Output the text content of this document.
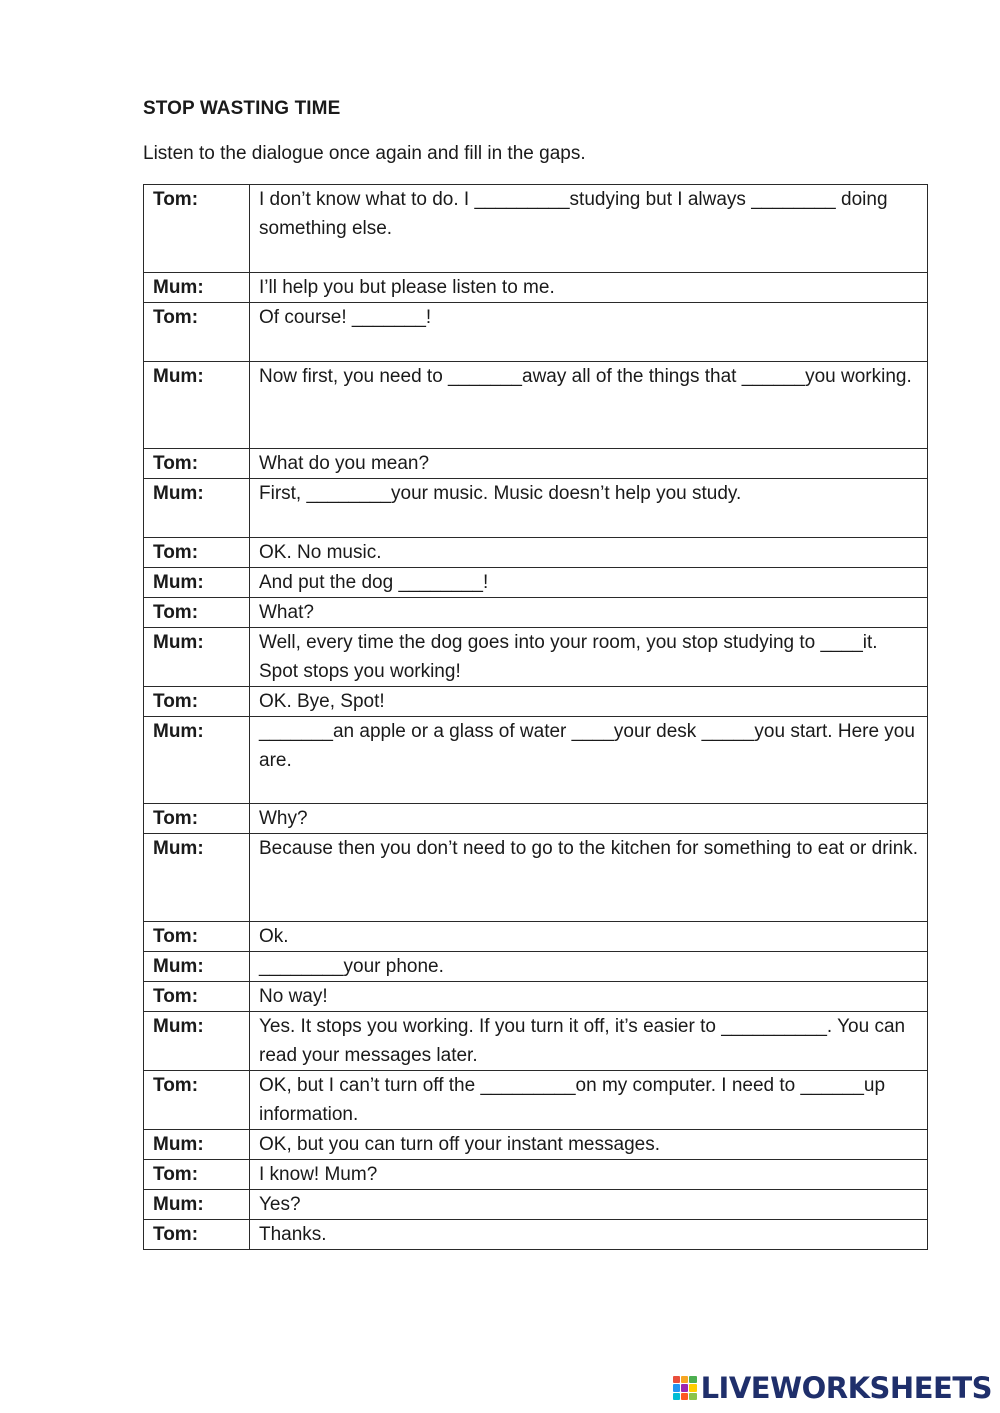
STOP WASTING TIME
Listen to the dialogue once again and fill in the gaps.
Tom:	I don’t know what to do. I _________studying but I always ________ doing something else.
Mum:	I’ll help you but please listen to me.
Tom:	Of course! _______!
Mum:	Now first, you need to _______away all of the things that ______you working.
Tom:	What do you mean?
Mum:	First, ________your music. Music doesn’t help you study.
Tom:	OK. No music.
Mum:	And put the dog ________!
Tom:	What?
Mum:	Well, every time the dog goes into your room, you stop studying to ____it. Spot stops you working!
Tom:	OK. Bye, Spot!
Mum:	_______an apple or a glass of water ____your desk _____you start. Here you are.
Tom:	Why?
Mum:	Because then you don’t need to go to the kitchen for something to eat or drink.
Tom:	Ok.
Mum:	________your phone.
Tom:	No way!
Mum:	Yes. It stops you working. If you turn it off, it’s easier to __________. You can read your messages later.
Tom:	OK, but I can’t turn off the _________on my computer. I need to ______up information.
Mum:	OK, but you can turn off your instant messages.
Tom:	I know! Mum?
Mum:	Yes?
Tom:	Thanks.
LIVEWORKSHEETS
